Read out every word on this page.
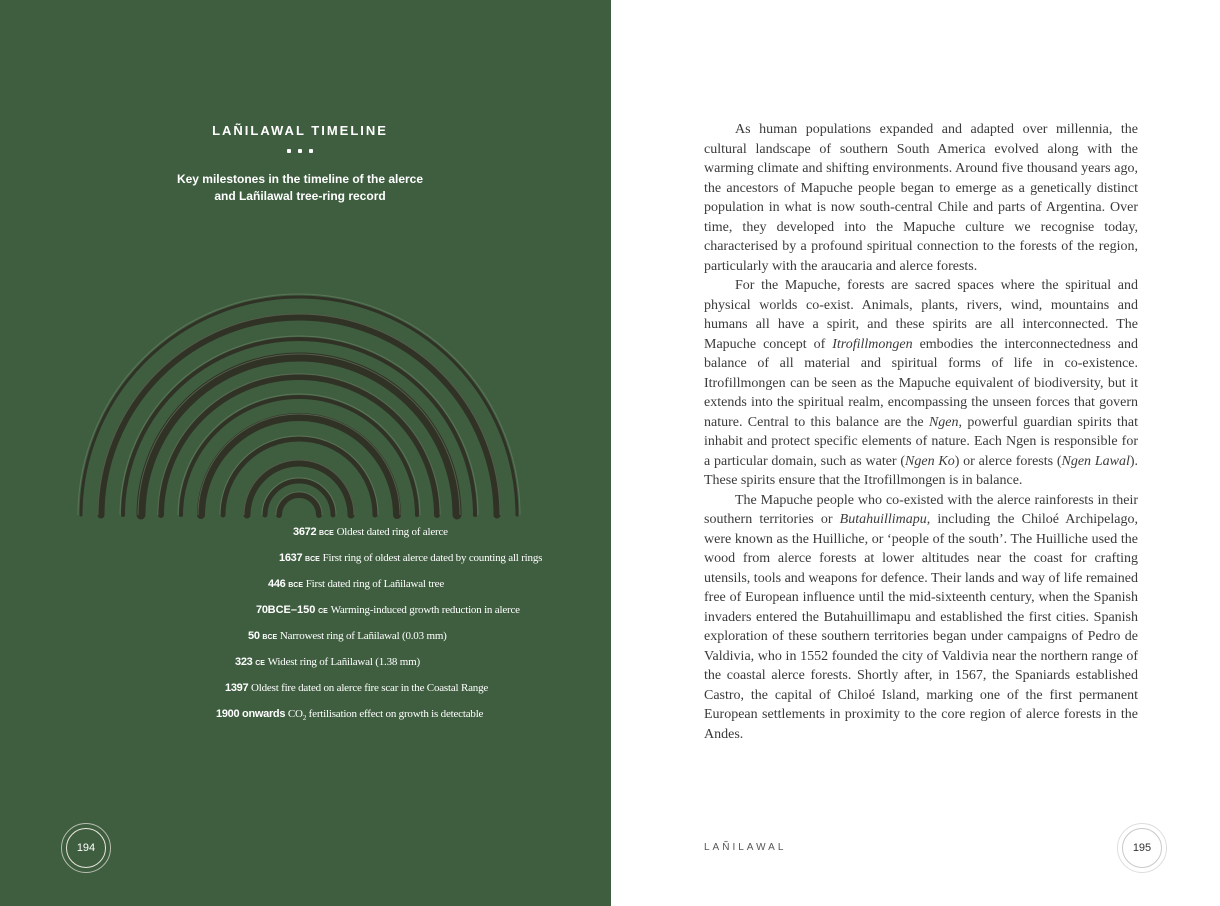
LAÑILAWAL TIMELINE

Key milestones in the timeline of the alerce
and Lañilawal tree-ring record

3672 BCE Oldest dated ring of alerce
1637 BCE First ring of oldest alerce dated by counting all rings
446 BCE First dated ring of Lañilawal tree
70BCE–150 CE Warming-induced growth reduction in alerce
50 BCE Narrowest ring of Lañilawal (0.03 mm)
323 CE Widest ring of Lañilawal (1.38 mm)
1397 Oldest fire dated on alerce fire scar in the Coastal Range
1900 onwards $CO_2$ fertilisation effect on growth is detectable
194

As human populations expanded and adapted over millennia, the cultural landscape of southern South America evolved along with the warming climate and shifting environments. Around five thousand years ago, the ancestors of Mapuche people began to emerge as a genetically distinct population in what is now south-central Chile and parts of Argentina. Over time, they developed into the Mapuche culture we recognise today, characterised by a profound spiritual connection to the forests of the region, particularly with the araucaria and alerce forests.

For the Mapuche, forests are sacred spaces where the spiritual and physical worlds co-exist. Animals, plants, rivers, wind, mountains and humans all have a spirit, and these spirits are all interconnected. The Mapuche concept of Itrofillmongen embodies the interconnectedness and balance of all material and spiritual forms of life in co-existence. Itrofillmongen can be seen as the Mapuche equivalent of biodiversity, but it extends into the spiritual realm, encompassing the unseen forces that govern nature. Central to this balance are the Ngen, powerful guardian spirits that inhabit and protect specific elements of nature. Each Ngen is responsible for a particular domain, such as water (Ngen Ko) or alerce forests (Ngen Lawal). These spirits ensure that the Itrofillmongen is in balance.

The Mapuche people who co-existed with the alerce rainforests in their southern territories or Butahuillimapu, including the Chiloé Archipelago, were known as the Huilliche, or ‘people of the south’. The Huilliche used the wood from alerce forests at lower altitudes near the coast for crafting utensils, tools and weapons for defence. Their lands and way of life remained free of European influence until the mid-sixteenth century, when the Spanish invaders entered the Butahuillimapu and established the first cities. Spanish exploration of these southern territories began under campaigns of Pedro de Valdivia, who in 1552 founded the city of Valdivia near the northern range of the coastal alerce forests. Shortly after, in 1567, the Spaniards established Castro, the capital of Chiloé Island, marking one of the first permanent European settlements in proximity to the core region of alerce forests in the Andes.

LAÑILAWAL	195
